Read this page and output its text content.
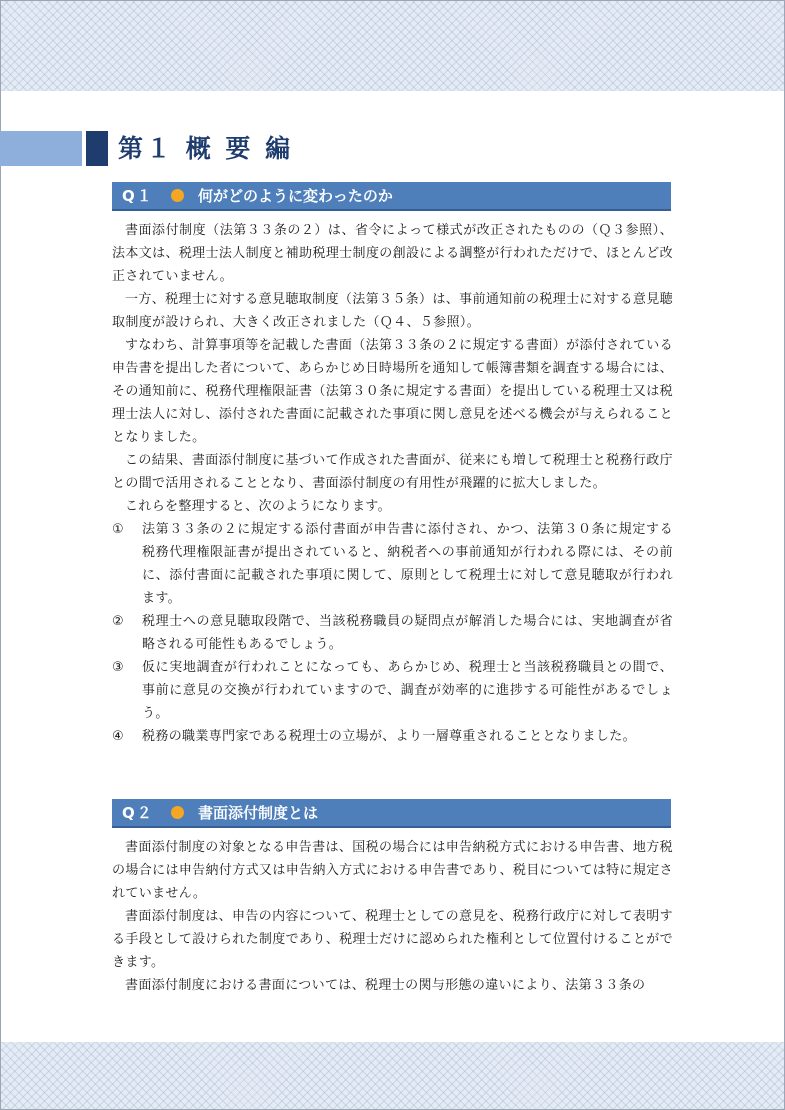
第１ 概 要 編
Q１	何がどのように変わったのか

書面添付制度（法第３３条の２）は、省令によって様式が改正されたものの（Ｑ３参照）、法本文は、税理士法人制度と補助税理士制度の創設による調整が行われただけで、ほとんど改正されていません。

一方、税理士に対する意見聴取制度（法第３５条）は、事前通知前の税理士に対する意見聴取制度が設けられ、大きく改正されました（Ｑ４、５参照）。

すなわち、計算事項等を記載した書面（法第３３条の２に規定する書面）が添付されている申告書を提出した者について、あらかじめ日時場所を通知して帳簿書類を調査する場合には、その通知前に、税務代理権限証書（法第３０条に規定する書面）を提出している税理士又は税理士法人に対し、添付された書面に記載された事項に関し意見を述べる機会が与えられることとなりました。

この結果、書面添付制度に基づいて作成された書面が、従来にも増して税理士と税務行政庁との間で活用されることとなり、書面添付制度の有用性が飛躍的に拡大しました。

これらを整理すると、次のようになります。

① 法第３３条の２に規定する添付書面が申告書に添付され、かつ、法第３０条に規定する税務代理権限証書が提出されていると、納税者への事前通知が行われる際には、その前に、添付書面に記載された事項に関して、原則として税理士に対して意見聴取が行われます。
② 税理士への意見聴取段階で、当該税務職員の疑問点が解消した場合には、実地調査が省略される可能性もあるでしょう。
③ 仮に実地調査が行われことになっても、あらかじめ、税理士と当該税務職員との間で、事前に意見の交換が行われていますので、調査が効率的に進捗する可能性があるでしょう。
④ 税務の職業専門家である税理士の立場が、より一層尊重されることとなりました。
Q２	書面添付制度とは

書面添付制度の対象となる申告書は、国税の場合には申告納税方式における申告書、地方税の場合には申告納付方式又は申告納入方式における申告書であり、税目については特に規定されていません。

書面添付制度は、申告の内容について、税理士としての意見を、税務行政庁に対して表明する手段として設けられた制度であり、税理士だけに認められた権利として位置付けることができます。

書面添付制度における書面については、税理士の関与形態の違いにより、法第３３条の
